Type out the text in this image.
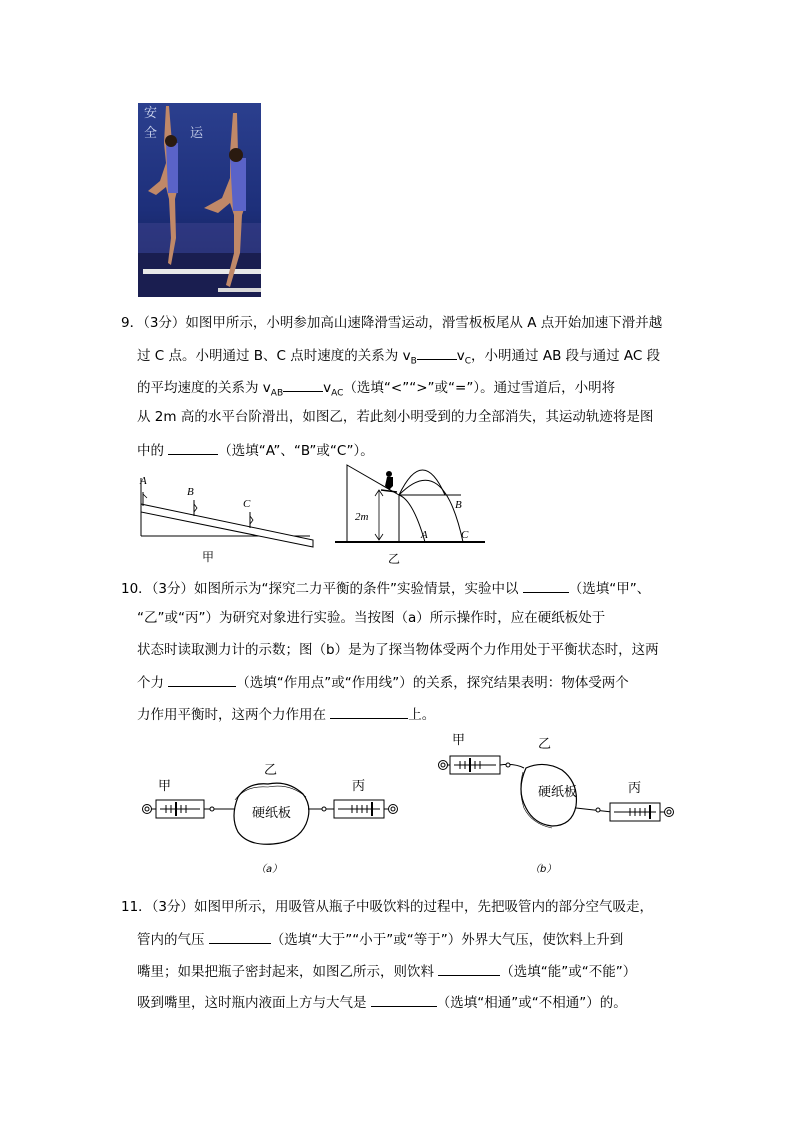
安
全	运
9．（3分）如图甲所示，小明参加高山速降滑雪运动，滑雪板板尾从 A 点开始加速下滑并越
过 C 点。小明通过 B、C 点时速度的关系为 $v_B$	$v_C$，小明通过 AB 段与通过 AC 段
的平均速度的关系为 $v_{AB}$	$v_{AC}$（选填“<”“>”或“=”）。通过雪道后，小明将
从 2m 高的水平台阶滑出，如图乙，若此刻小明受到的力全部消失，其运动轨迹将是图
中的	（选填“A”、“B”或“C”）。
A
B
C
甲
2m
A
B
C
乙
10．（3分）如图所示为“探究二力平衡的条件”实验情景，实验中以	（选填“甲”、
“乙”或“丙”）为研究对象进行实验。当按图（a）所示操作时，应在硬纸板处于
状态时读取测力计的示数；图（b）是为了探当物体受两个力作用处于平衡状态时，这两
个力	（选填“作用点”或“作用线”）的关系，探究结果表明：物体受两个
力作用平衡时，这两个力作用在	上。
甲
乙
丙
硬纸板
（a）
甲	乙
丙
硬纸板
（b）
11．（3分）如图甲所示，用吸管从瓶子中吸饮料的过程中，先把吸管内的部分空气吸走，
管内的气压	（选填“大于”“小于”或“等于”）外界大气压，使饮料上升到
嘴里；如果把瓶子密封起来，如图乙所示，则饮料	（选填“能”或“不能”）
吸到嘴里，这时瓶内液面上方与大气是	（选填“相通”或“不相通”）的。
